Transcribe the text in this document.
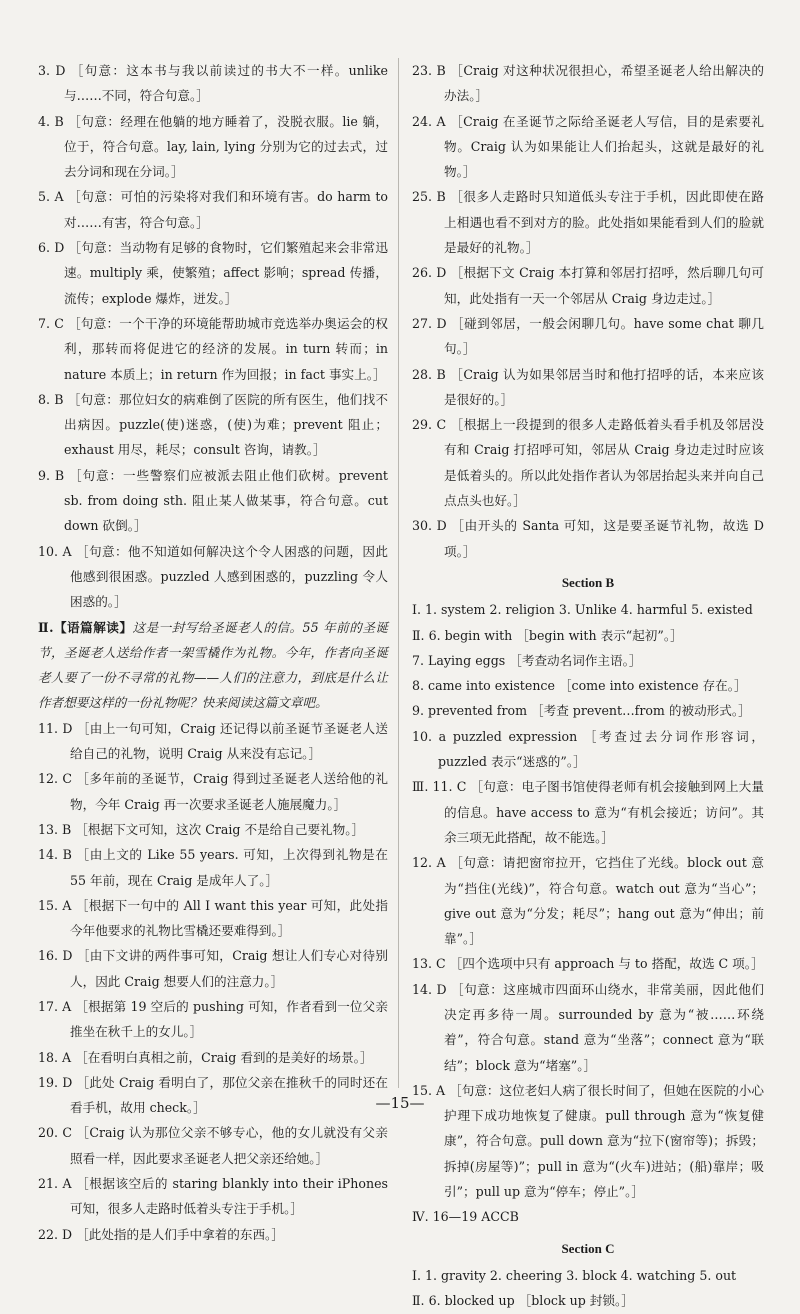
3. D ［句意：这本书与我以前读过的书大不一样。unlike 与……不同，符合句意。］

4. B ［句意：经理在他躺的地方睡着了，没脱衣服。lie 躺，位于，符合句意。lay, lain, lying 分别为它的过去式，过去分词和现在分词。］

5. A ［句意：可怕的污染将对我们和环境有害。do harm to 对……有害，符合句意。］

6. D ［句意：当动物有足够的食物时，它们繁殖起来会非常迅速。multiply 乘，使繁殖；affect 影响；spread 传播，流传；explode 爆炸，迸发。］

7. C ［句意：一个干净的环境能帮助城市竞选举办奥运会的权利，那转而将促进它的经济的发展。in turn 转而；in nature 本质上；in return 作为回报；in fact 事实上。］

8. B ［句意：那位妇女的病难倒了医院的所有医生，他们找不出病因。puzzle(使)迷惑，(使)为难；prevent 阻止；exhaust 用尽，耗尽；consult 咨询，请教。］

9. B ［句意：一些警察们应被派去阻止他们砍树。prevent sb. from doing sth. 阻止某人做某事，符合句意。cut down 砍倒。］

10. A ［句意：他不知道如何解决这个令人困惑的问题，因此他感到很困惑。puzzled 人感到困惑的，puzzling 令人困惑的。］

Ⅱ.【语篇解读】这是一封写给圣诞老人的信。55 年前的圣诞节，圣诞老人送给作者一架雪橇作为礼物。今年，作者向圣诞老人要了一份不寻常的礼物——人们的注意力，到底是什么让作者想要这样的一份礼物呢？快来阅读这篇文章吧。

11. D ［由上一句可知，Craig 还记得以前圣诞节圣诞老人送给自己的礼物，说明 Craig 从来没有忘记。］

12. C ［多年前的圣诞节，Craig 得到过圣诞老人送给他的礼物，今年 Craig 再一次要求圣诞老人施展魔力。］

13. B ［根据下文可知，这次 Craig 不是给自己要礼物。］

14. B ［由上文的 Like 55 years. 可知，上次得到礼物是在 55 年前，现在 Craig 是成年人了。］

15. A ［根据下一句中的 All I want this year 可知，此处指今年他要求的礼物比雪橇还要难得到。］

16. D ［由下文讲的两件事可知，Craig 想让人们专心对待别人，因此 Craig 想要人们的注意力。］

17. A ［根据第 19 空后的 pushing 可知，作者看到一位父亲推坐在秋千上的女儿。］

18. A ［在看明白真相之前，Craig 看到的是美好的场景。］

19. D ［此处 Craig 看明白了，那位父亲在推秋千的同时还在看手机，故用 check。］

20. C ［Craig 认为那位父亲不够专心，他的女儿就没有父亲照看一样，因此要求圣诞老人把父亲还给她。］

21. A ［根据该空后的 staring blankly into their iPhones 可知，很多人走路时低着头专注于手机。］

22. D ［此处指的是人们手中拿着的东西。］

23. B ［Craig 对这种状况很担心，希望圣诞老人给出解决的办法。］

24. A ［Craig 在圣诞节之际给圣诞老人写信，目的是索要礼物。Craig 认为如果能让人们抬起头，这就是最好的礼物。］

25. B ［很多人走路时只知道低头专注于手机，因此即使在路上相遇也看不到对方的脸。此处指如果能看到人们的脸就是最好的礼物。］

26. D ［根据下文 Craig 本打算和邻居打招呼，然后聊几句可知，此处指有一天一个邻居从 Craig 身边走过。］

27. D ［碰到邻居，一般会闲聊几句。have some chat 聊几句。］

28. B ［Craig 认为如果邻居当时和他打招呼的话，本来应该是很好的。］

29. C ［根据上一段提到的很多人走路低着头看手机及邻居没有和 Craig 打招呼可知，邻居从 Craig 身边走过时应该是低着头的。所以此处指作者认为邻居抬起头来并向自己点点头也好。］

30. D ［由开头的 Santa 可知，这是要圣诞节礼物，故选 D 项。］

Section B

Ⅰ. 1. system 2. religion 3. Unlike 4. harmful 5. existed

Ⅱ. 6. begin with ［begin with 表示“起初”。］

7. Laying eggs ［考查动名词作主语。］

8. came into existence ［come into existence 存在。］

9. prevented from ［考查 prevent…from 的被动形式。］

10. a puzzled expression ［考查过去分词作形容词，puzzled 表示“迷惑的”。］

Ⅲ. 11. C ［句意：电子图书馆使得老师有机会接触到网上大量的信息。have access to 意为“有机会接近；访问”。其余三项无此搭配，故不能选。］

12. A ［句意：请把窗帘拉开，它挡住了光线。block out 意为“挡住(光线)”，符合句意。watch out 意为“当心”；give out 意为“分发；耗尽”；hang out 意为“伸出；前靠”。］

13. C ［四个选项中只有 approach 与 to 搭配，故选 C 项。］

14. D ［句意：这座城市四面环山绕水，非常美丽，因此他们决定再多待一周。surrounded by 意为“被……环绕着”，符合句意。stand 意为“坐落”；connect 意为“联结”；block 意为“堵塞”。］

15. A ［句意：这位老妇人病了很长时间了，但她在医院的小心护理下成功地恢复了健康。pull through 意为“恢复健康”，符合句意。pull down 意为“拉下(窗帘等)；拆毁；拆掉(房屋等)”；pull in 意为“(火车)进站；(船)靠岸；吸引”；pull up 意为“停车；停止”。］

Ⅳ. 16—19 ACCB

Section C

Ⅰ. 1. gravity 2. cheering 3. block 4. watching 5. out

Ⅱ. 6. blocked up ［block up 封锁。］

—15—
